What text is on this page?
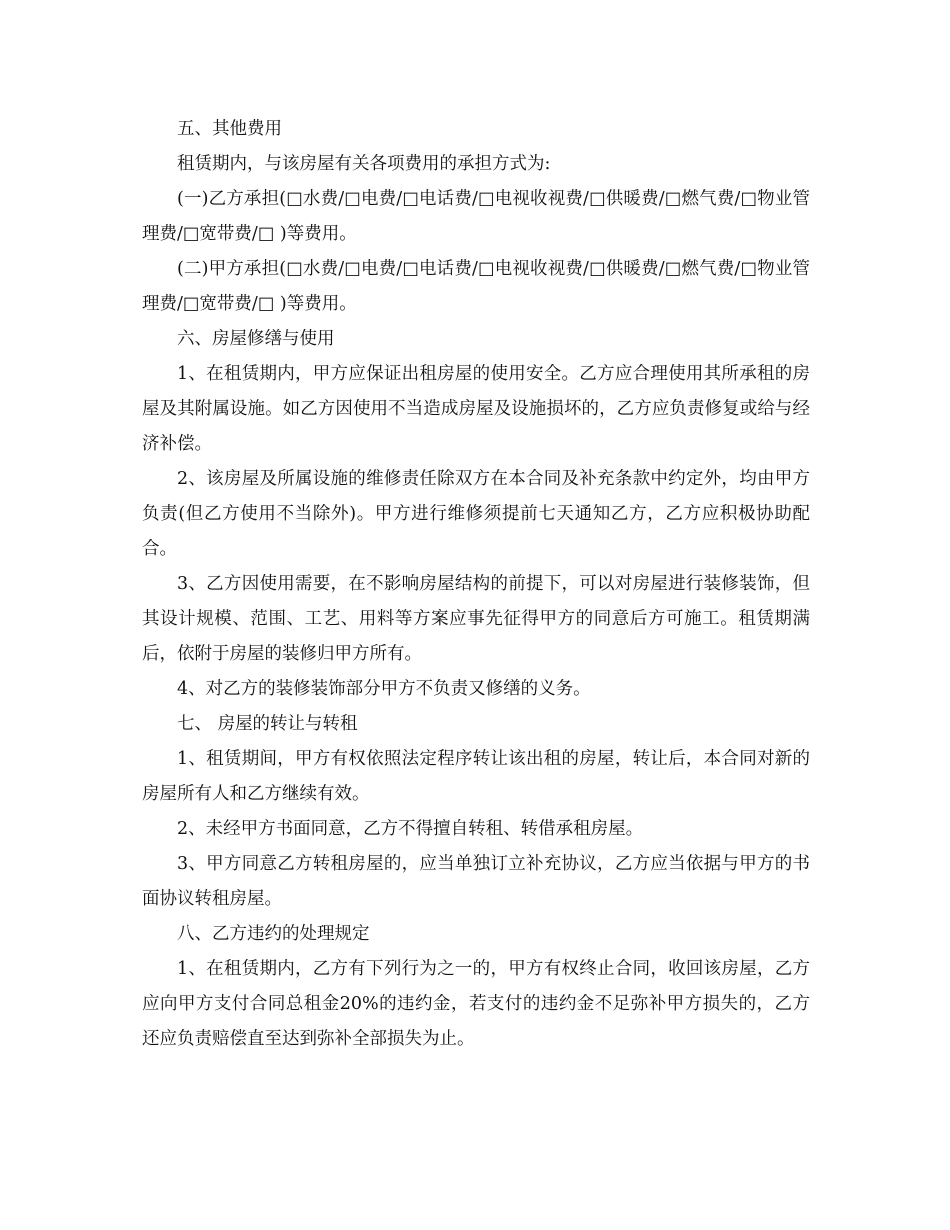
五、其他费用

租赁期内，与该房屋有关各项费用的承担方式为:

(一)乙方承担(□水费/□电费/□电话费/□电视收视费/□供暖费/□燃气费/□物业管理费/□宽带费/□ )等费用。

(二)甲方承担(□水费/□电费/□电话费/□电视收视费/□供暖费/□燃气费/□物业管理费/□宽带费/□ )等费用。

六、房屋修缮与使用

1、在租赁期内，甲方应保证出租房屋的使用安全。乙方应合理使用其所承租的房屋及其附属设施。如乙方因使用不当造成房屋及设施损坏的，乙方应负责修复或给与经济补偿。

2、该房屋及所属设施的维修责任除双方在本合同及补充条款中约定外，均由甲方负责(但乙方使用不当除外)。甲方进行维修须提前七天通知乙方，乙方应积极协助配合。

3、乙方因使用需要，在不影响房屋结构的前提下，可以对房屋进行装修装饰，但其设计规模、范围、工艺、用料等方案应事先征得甲方的同意后方可施工。租赁期满后，依附于房屋的装修归甲方所有。

4、对乙方的装修装饰部分甲方不负责又修缮的义务。

七、 房屋的转让与转租

1、租赁期间，甲方有权依照法定程序转让该出租的房屋，转让后，本合同对新的房屋所有人和乙方继续有效。

2、未经甲方书面同意，乙方不得擅自转租、转借承租房屋。

3、甲方同意乙方转租房屋的，应当单独订立补充协议，乙方应当依据与甲方的书面协议转租房屋。

八、乙方违约的处理规定

1、在租赁期内，乙方有下列行为之一的，甲方有权终止合同，收回该房屋，乙方应向甲方支付合同总租金20%的违约金，若支付的违约金不足弥补甲方损失的，乙方还应负责赔偿直至达到弥补全部损失为止。
